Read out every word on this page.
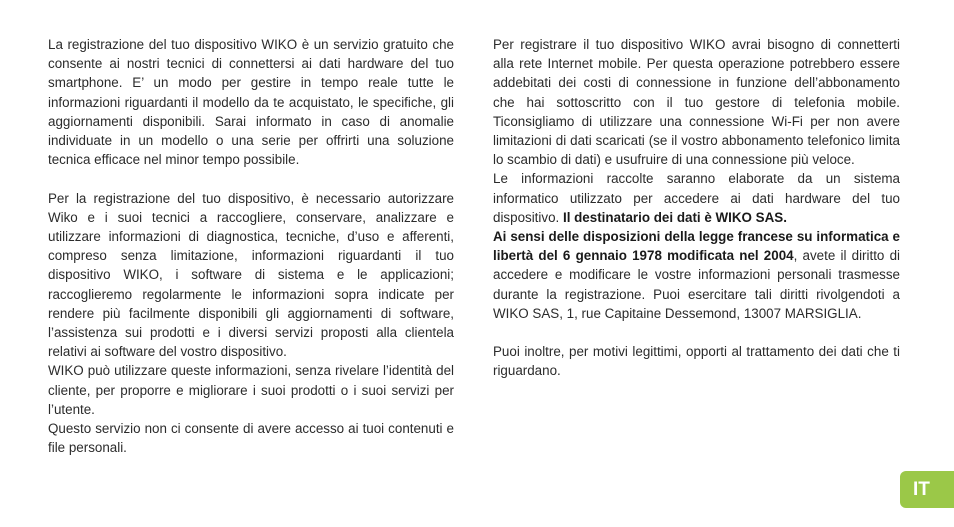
La registrazione del tuo dispositivo WIKO è un servizio gratuito che consente ai nostri tecnici di connettersi ai dati hardware del tuo smartphone. E’ un modo per gestire in tempo reale tutte le informazioni riguardanti il modello da te acquistato, le specifiche, gli aggiornamenti disponibili. Sarai informato in caso di anomalie individuate in un modello o una serie per offrirti una soluzione tecnica efficace nel minor tempo possibile.

Per la registrazione del tuo dispositivo, è necessario autorizzare Wiko e i suoi tecnici a raccogliere, conservare, analizzare e utilizzare informazioni di diagnostica, tecniche, d’uso e afferenti, compreso senza limitazione, informazioni riguardanti il tuo dispositivo WIKO, i software di sistema e le applicazioni; raccoglieremo regolarmente le informazioni sopra indicate per rendere più facilmente disponibili gli aggiornamenti di software, l’assistenza sui prodotti e i diversi servizi proposti alla clientela relativi ai software del vostro dispositivo.

WIKO può utilizzare queste informazioni, senza rivelare l’identità del cliente, per proporre e migliorare i suoi prodotti o i suoi servizi per l’utente.

Questo servizio non ci consente di avere accesso ai tuoi contenuti e file personali.

Per registrare il tuo dispositivo WIKO avrai bisogno di connetterti alla rete Internet mobile. Per questa operazione potrebbero essere addebitati dei costi di connessione in funzione dell’abbonamento che hai sottoscritto con il tuo gestore di telefonia mobile. Ticonsigliamo di utilizzare una connessione Wi-Fi per non avere limitazioni di dati scaricati (se il vostro abbonamento telefonico limita lo scambio di dati) e usufruire di una connessione più veloce.

Le informazioni raccolte saranno elaborate da un sistema informatico utilizzato per accedere ai dati hardware del tuo dispositivo. Il destinatario dei dati è WIKO SAS.

Ai sensi delle disposizioni della legge francese su informatica e libertà del 6 gennaio 1978 modificata nel 2004, avete il diritto di accedere e modificare le vostre informazioni personali trasmesse durante la registrazione. Puoi esercitare tali diritti rivolgendoti a WIKO SAS, 1, rue Capitaine Dessemond, 13007 MARSIGLIA.

Puoi inoltre, per motivi legittimi, opporti al trattamento dei dati che ti riguardano.

IT
